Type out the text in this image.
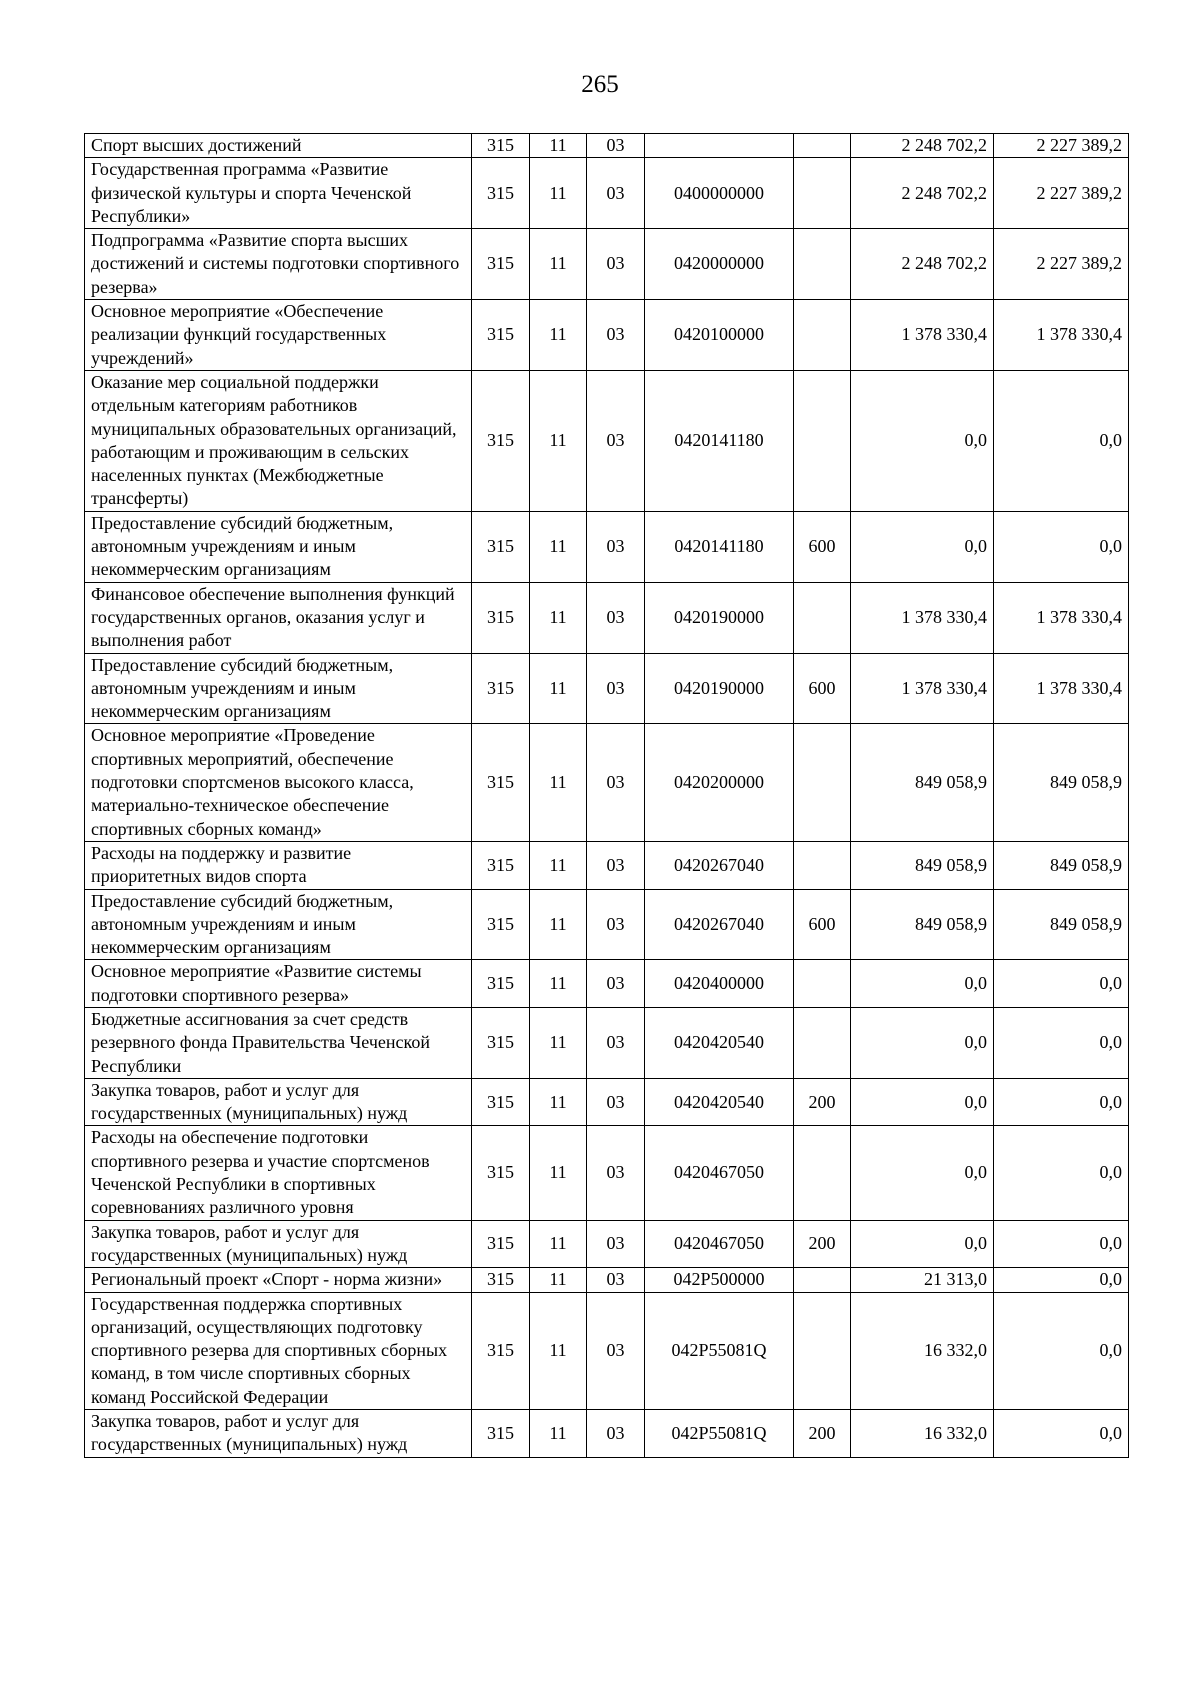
265
Спорт высших достижений	315	11	03			2 248 702,2	2 227 389,2
Государственная программа «Развитие физической культуры и спорта Чеченской Республики»	315	11	03	0400000000		2 248 702,2	2 227 389,2
Подпрограмма «Развитие спорта высших достижений и системы подготовки спортивного резерва»	315	11	03	0420000000		2 248 702,2	2 227 389,2
Основное мероприятие «Обеспечение реализации функций государственных учреждений»	315	11	03	0420100000		1 378 330,4	1 378 330,4
Оказание мер социальной поддержки отдельным категориям работников муниципальных образовательных организаций, работающим и проживающим в сельских населенных пунктах (Межбюджетные трансферты)	315	11	03	0420141180		0,0	0,0
Предоставление субсидий бюджетным, автономным учреждениям и иным некоммерческим организациям	315	11	03	0420141180	600	0,0	0,0
Финансовое обеспечение выполнения функций государственных органов, оказания услуг и выполнения работ	315	11	03	0420190000		1 378 330,4	1 378 330,4
Предоставление субсидий бюджетным, автономным учреждениям и иным некоммерческим организациям	315	11	03	0420190000	600	1 378 330,4	1 378 330,4
Основное мероприятие «Проведение спортивных мероприятий, обеспечение подготовки спортсменов высокого класса, материально-техническое обеспечение спортивных сборных команд»	315	11	03	0420200000		849 058,9	849 058,9
Расходы на поддержку и развитие приоритетных видов спорта	315	11	03	0420267040		849 058,9	849 058,9
Предоставление субсидий бюджетным, автономным учреждениям и иным некоммерческим организациям	315	11	03	0420267040	600	849 058,9	849 058,9
Основное мероприятие «Развитие системы подготовки спортивного резерва»	315	11	03	0420400000		0,0	0,0
Бюджетные ассигнования за счет средств резервного фонда Правительства Чеченской Республики	315	11	03	0420420540		0,0	0,0
Закупка товаров, работ и услуг для государственных (муниципальных) нужд	315	11	03	0420420540	200	0,0	0,0
Расходы на обеспечение подготовки спортивного резерва и участие спортсменов Чеченской Республики в спортивных соревнованиях различного уровня	315	11	03	0420467050		0,0	0,0
Закупка товаров, работ и услуг для государственных (муниципальных) нужд	315	11	03	0420467050	200	0,0	0,0
Региональный проект «Спорт - норма жизни»	315	11	03	042P500000		21 313,0	0,0
Государственная поддержка спортивных организаций, осуществляющих подготовку спортивного резерва для спортивных сборных команд, в том числе спортивных сборных команд Российской Федерации	315	11	03	042P55081Q		16 332,0	0,0
Закупка товаров, работ и услуг для государственных (муниципальных) нужд	315	11	03	042P55081Q	200	16 332,0	0,0
